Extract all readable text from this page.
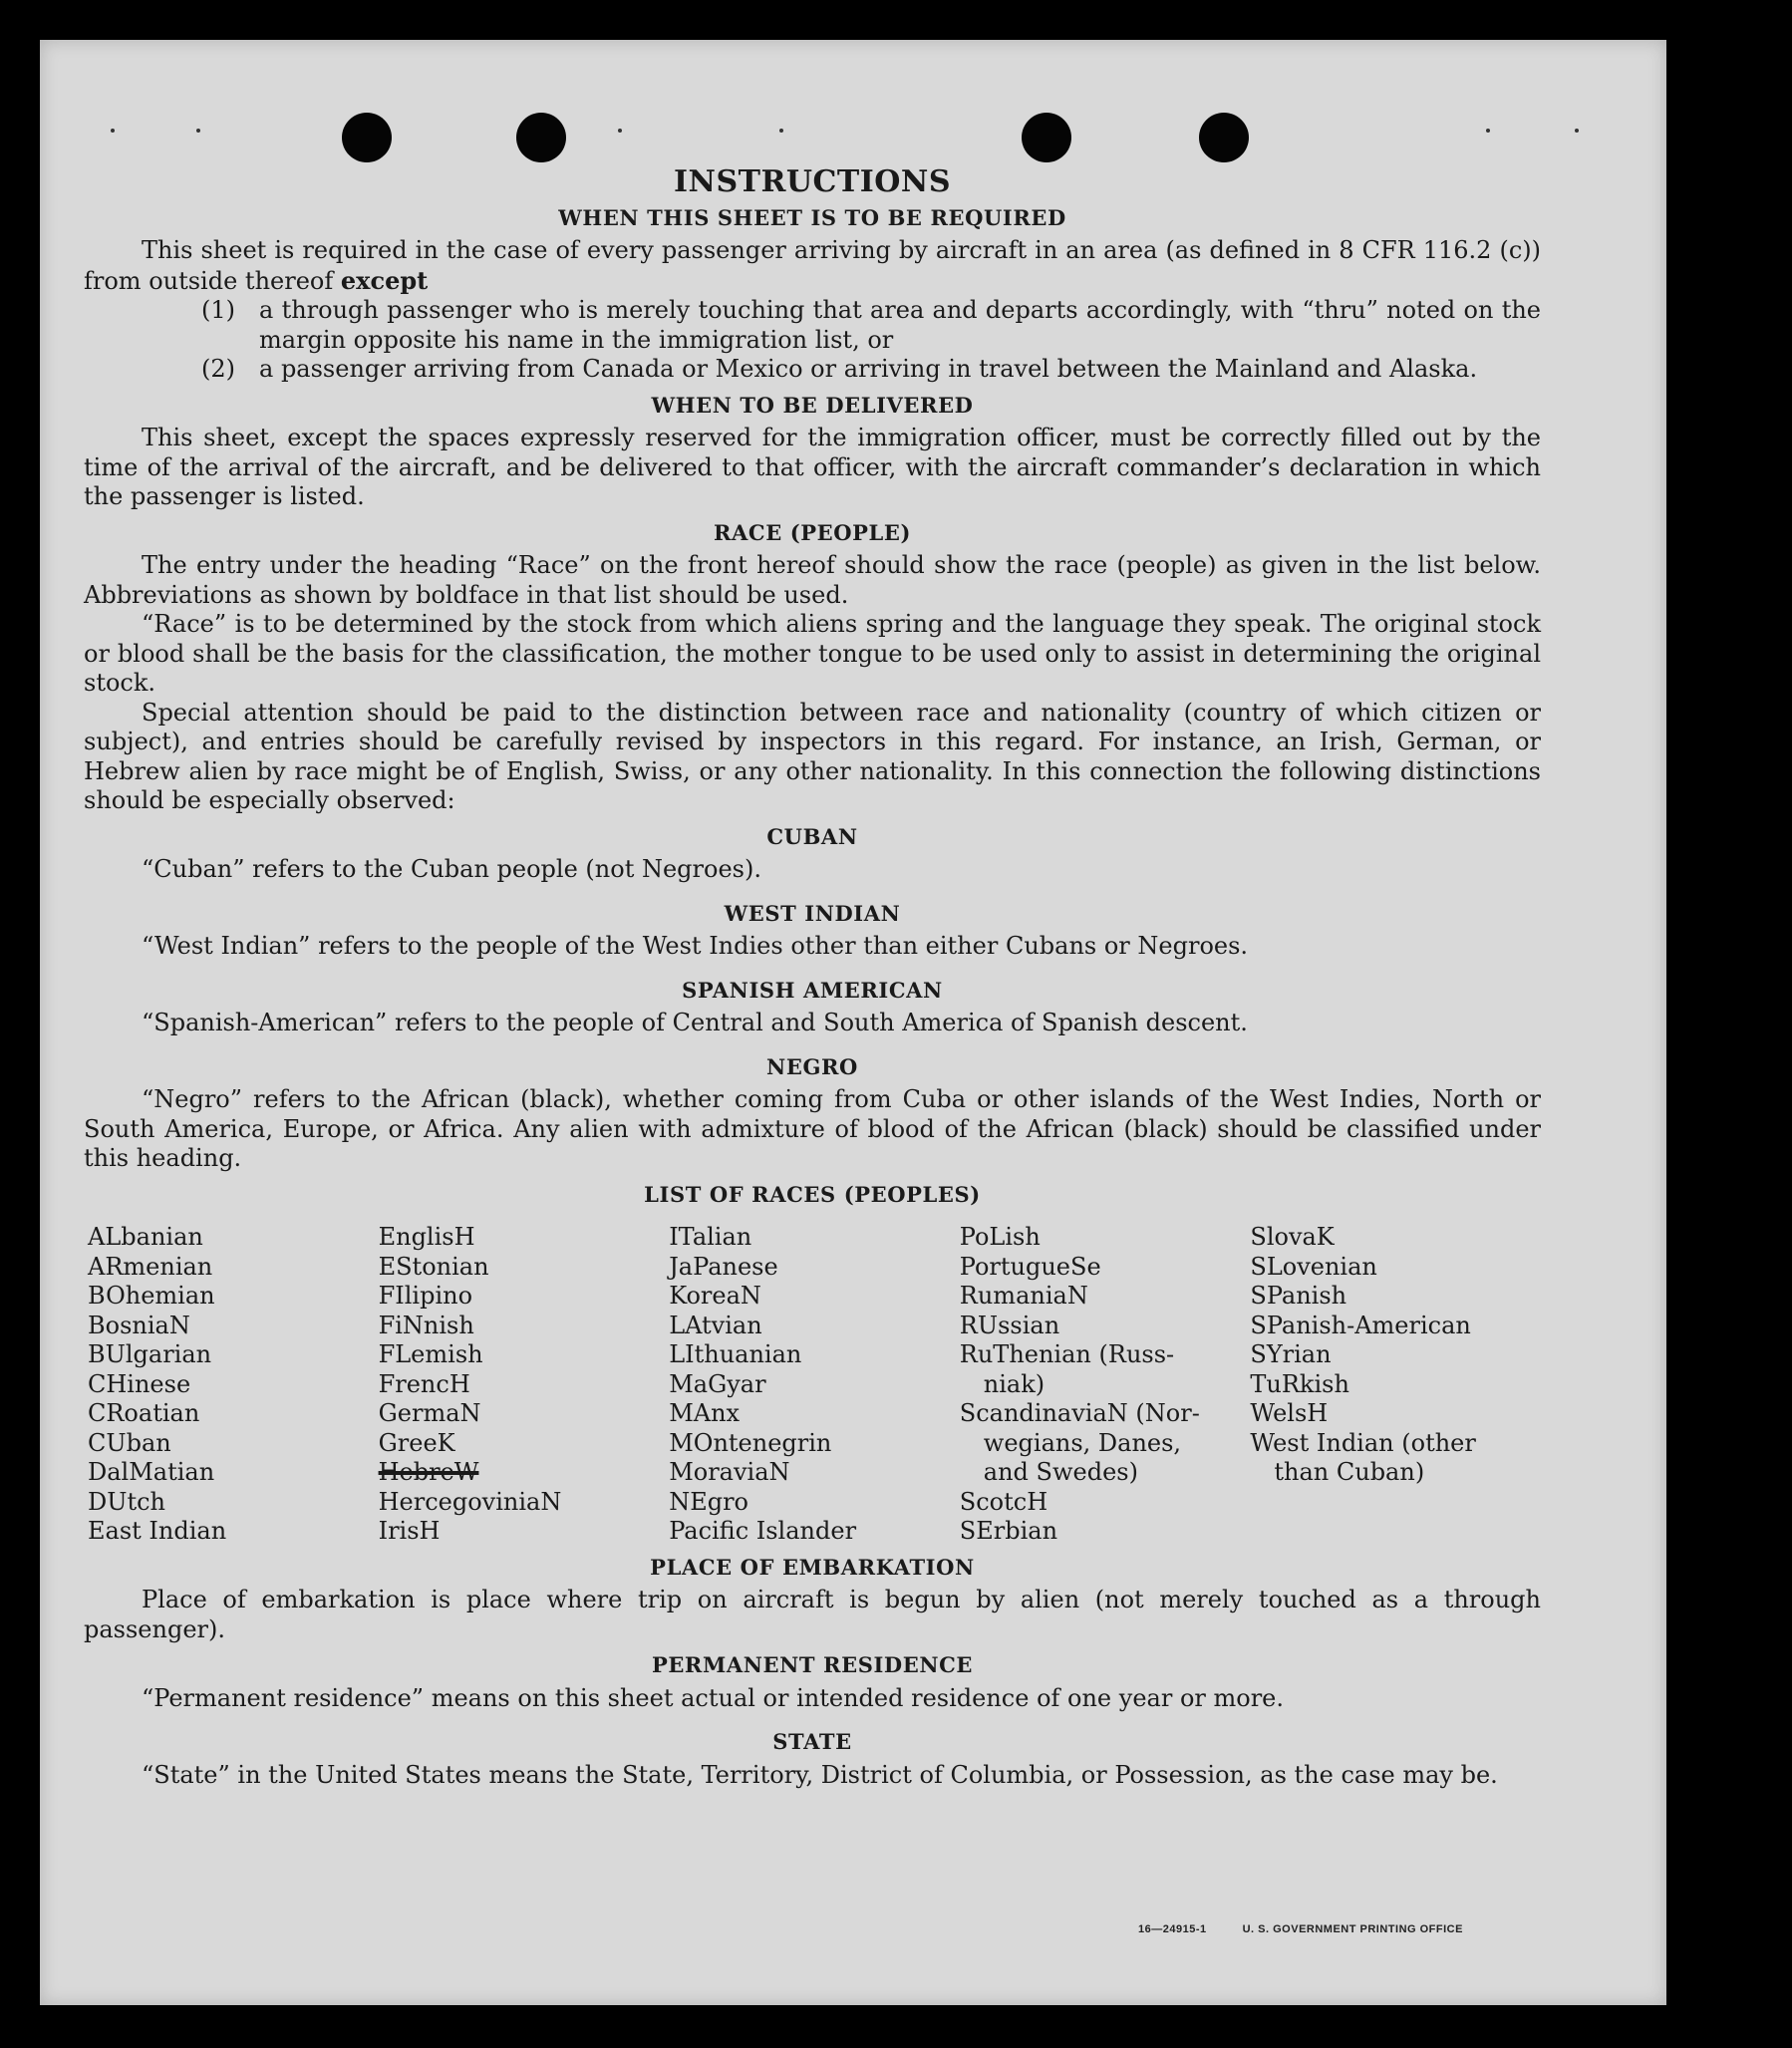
INSTRUCTIONS
WHEN THIS SHEET IS TO BE REQUIRED

This sheet is required in the case of every passenger arriving by aircraft in an area (as defined in 8 CFR 116.2 (c)) from outside thereof except

(1)	a through passenger who is merely touching that area and departs accordingly, with “thru” noted on the margin opposite his name in the immigration list, or
(2)	a passenger arriving from Canada or Mexico or arriving in travel between the Mainland and Alaska.
WHEN TO BE DELIVERED

This sheet, except the spaces expressly reserved for the immigration officer, must be correctly filled out by the time of the arrival of the aircraft, and be delivered to that officer, with the aircraft commander’s declaration in which the passenger is listed.

RACE (PEOPLE)

The entry under the heading “Race” on the front hereof should show the race (people) as given in the list below. Abbreviations as shown by boldface in that list should be used.

“Race” is to be determined by the stock from which aliens spring and the language they speak. The original stock or blood shall be the basis for the classification, the mother tongue to be used only to assist in determining the original stock.

Special attention should be paid to the distinction between race and nationality (country of which citizen or subject), and entries should be carefully revised by inspectors in this regard. For instance, an Irish, German, or Hebrew alien by race might be of English, Swiss, or any other nationality. In this connection the following distinctions should be especially observed:

CUBAN

“Cuban” refers to the Cuban people (not Negroes).

WEST INDIAN

“West Indian” refers to the people of the West Indies other than either Cubans or Negroes.

SPANISH AMERICAN

“Spanish-American” refers to the people of Central and South America of Spanish descent.

NEGRO

“Negro” refers to the African (black), whether coming from Cuba or other islands of the West Indies, North or South America, Europe, or Africa. Any alien with admixture of blood of the African (black) should be classified under this heading.

LIST OF RACES (PEOPLES)
ALbanian
ARmenian
BOhemian
BosniaN
BUlgarian
CHinese
CRoatian
CUban
DalMatian
DUtch
East Indian
EnglisH
EStonian
FIlipino
FiNnish
FLemish
FrencH
GermaN
GreeK
HebreW
HercegoviniaN
IrisH
ITalian
JaPanese
KoreaN
LAtvian
LIthuanian
MaGyar
MAnx
MOntenegrin
MoraviaN
NEgro
Pacific Islander
PoLish
PortugueSe
RumaniaN
RUssian
RuThenian (Russ-
niak)
ScandinaviaN (Nor-
wegians, Danes,
and Swedes)
ScotcH
SErbian
SlovaK
SLovenian
SPanish
SPanish-American
SYrian
TuRkish
WelsH
West Indian (other
than Cuban)
PLACE OF EMBARKATION

Place of embarkation is place where trip on aircraft is begun by alien (not merely touched as a through passenger).

PERMANENT RESIDENCE

“Permanent residence” means on this sheet actual or intended residence of one year or more.

STATE

“State” in the United States means the State, Territory, District of Columbia, or Possession, as the case may be.

16—24915-1	U. S. GOVERNMENT PRINTING OFFICE
